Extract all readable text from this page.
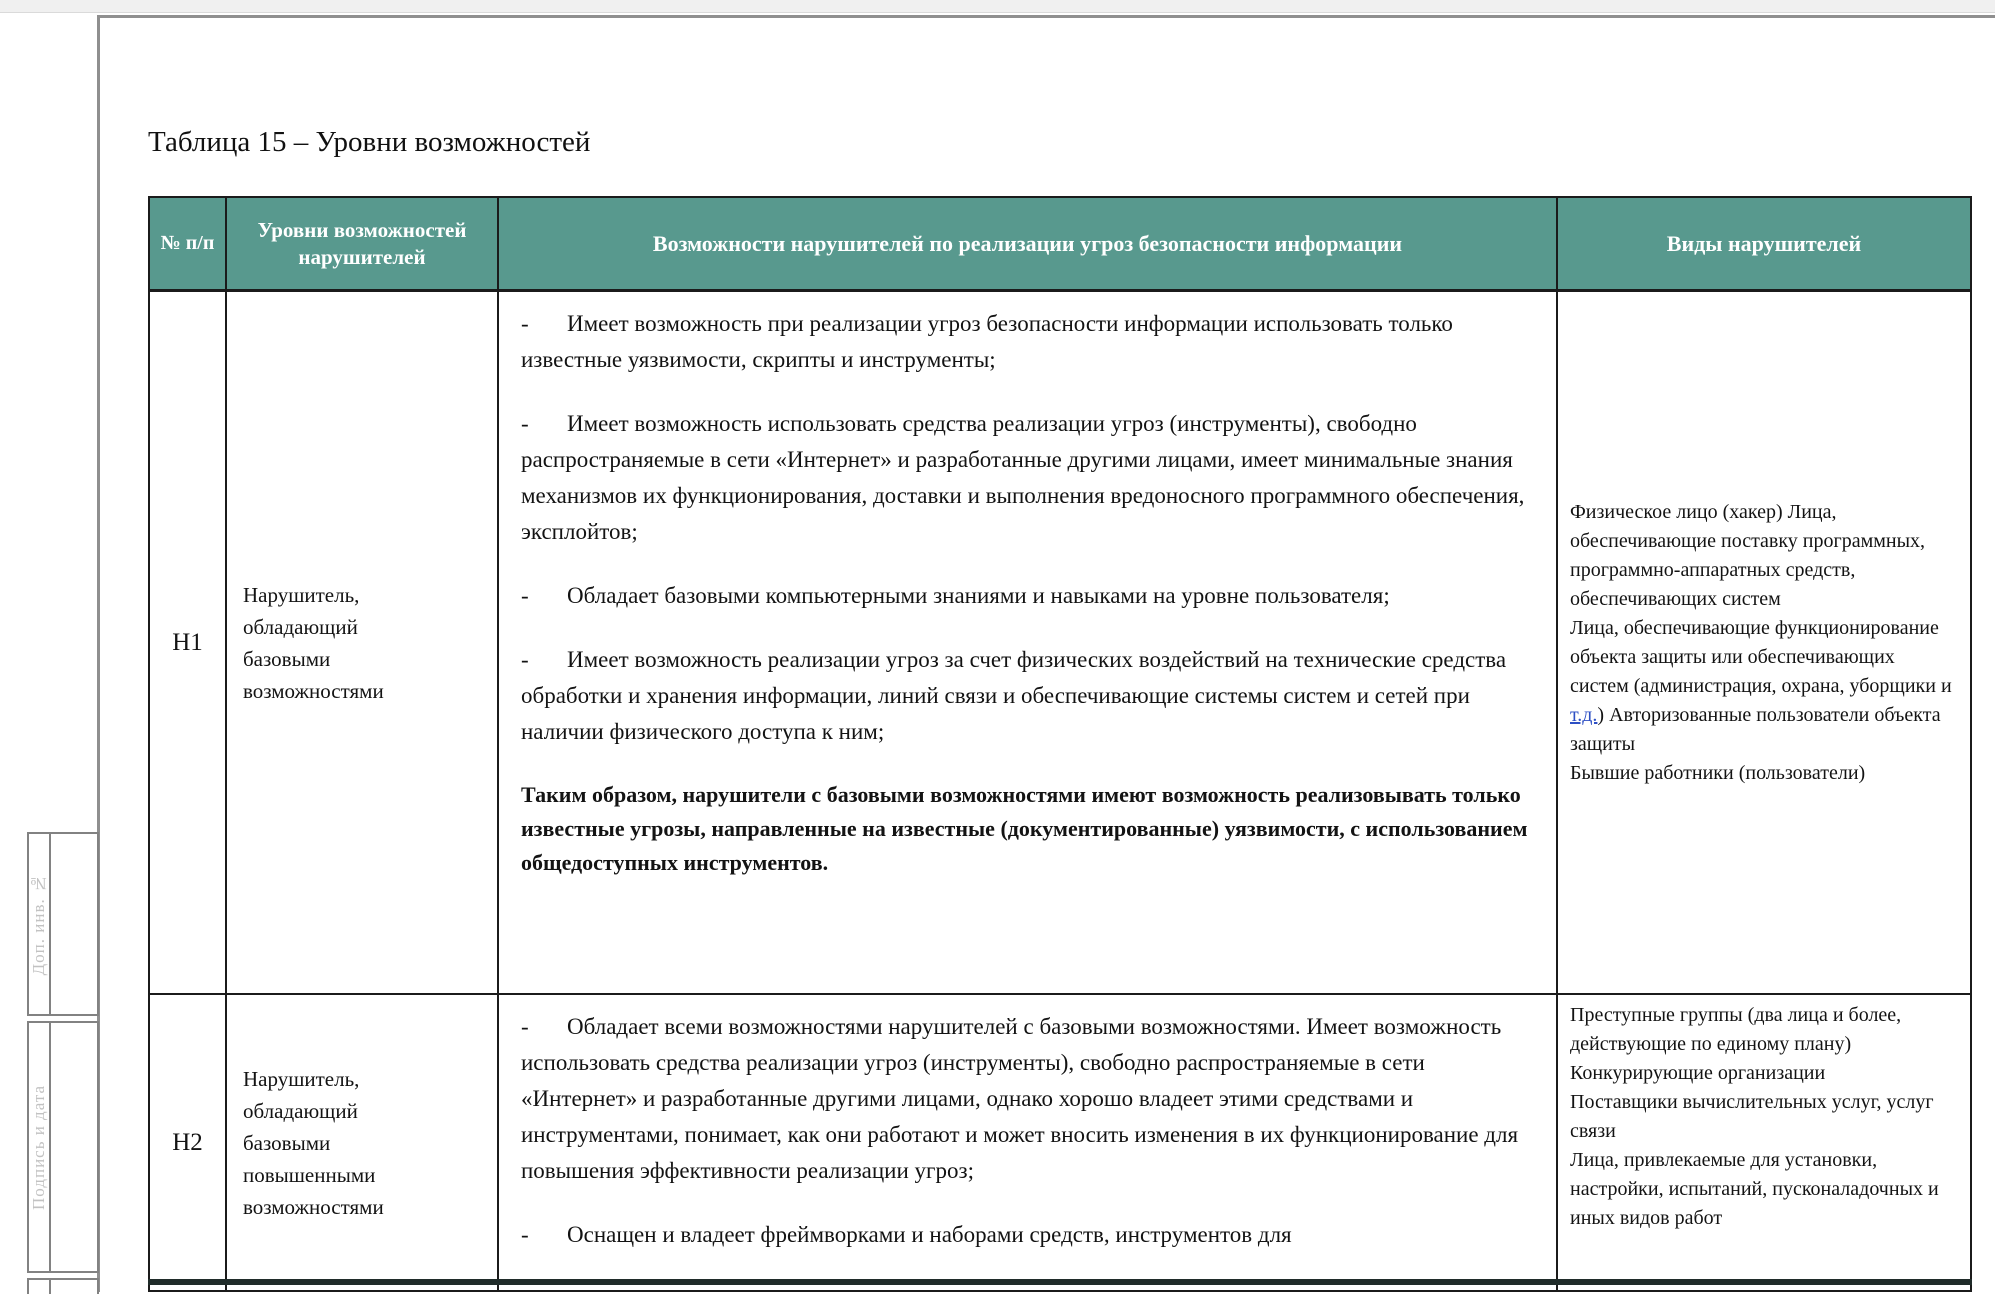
Доп. инв. №
Подпись и дата
Таблица 15 – Уровни возможностей
№ п/п
Уровни возможностей нарушителей
Возможности нарушителей по реализации угроз безопасности информации	Виды нарушителей
Н1
Нарушитель, обладающий базовыми возможностями

- Имеет возможность при реализации угроз безопасности информации использовать только известные уязвимости, скрипты и инструменты;

- Имеет возможность использовать средства реализации угроз (инструменты), свободно распространяемые в сети «Интернет» и разработанные другими лицами, имеет минимальные знания механизмов их функционирования, доставки и выполнения вредоносного программного обеспечения, эксплойтов;

- Обладает базовыми компьютерными знаниями и навыками на уровне пользователя;

- Имеет возможность реализации угроз за счет физических воздействий на технические средства обработки и хранения информации, линий связи и обеспечивающие системы систем и сетей при наличии физического доступа к ним;

Таким образом, нарушители с базовыми возможностями имеют возможность реализовывать только известные угрозы, направленные на известные (документированные) уязвимости, с использованием общедоступных инструментов.

Физическое лицо (хакер) Лица, обеспечивающие поставку программных, программно-аппаратных средств, обеспечивающих систем
Лица, обеспечивающие функционирование объекта защиты или обеспечивающих систем (администрация, охрана, уборщики и т.д.) Авторизованные пользователи объекта защиты
Бывшие работники (пользователи)
Н2
Нарушитель, обладающий базовыми повышенными возможностями

- Обладает всеми возможностями нарушителей с базовыми возможностями. Имеет возможность использовать средства реализации угроз (инструменты), свободно распространяемые в сети «Интернет» и разработанные другими лицами, однако хорошо владеет этими средствами и инструментами, понимает, как они работают и может вносить изменения в их функционирование для повышения эффективности реализации угроз;

- Оснащен и владеет фреймворками и наборами средств, инструментов для

Преступные группы (два лица и более, действующие по единому плану) Конкурирующие организации
Поставщики вычислительных услуг, услуг связи
Лица, привлекаемые для установки, настройки, испытаний, пусконаладочных и иных видов работ
